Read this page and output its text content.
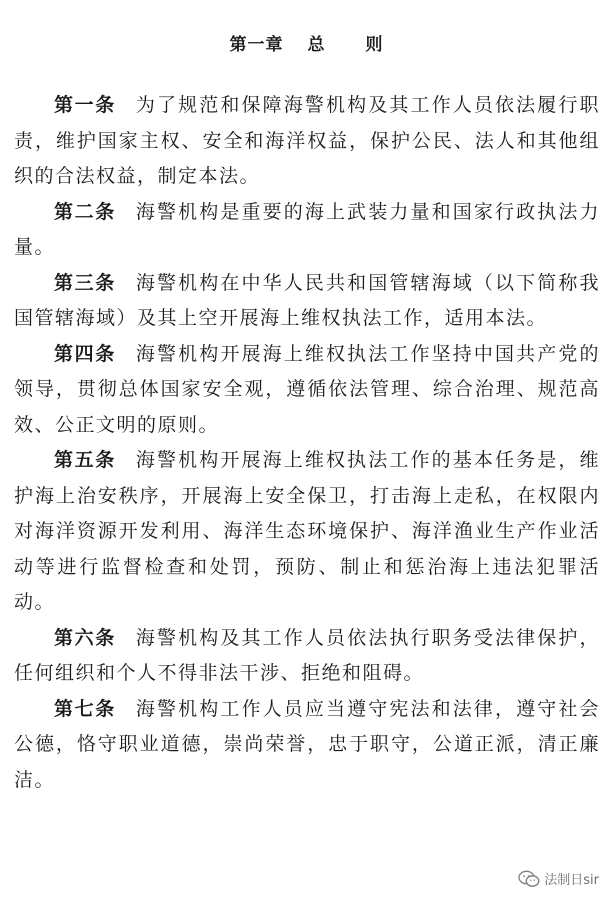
第一章 总 则

第一条 为了规范和保障海警机构及其工作人员依法履行职责，维护国家主权、安全和海洋权益，保护公民、法人和其他组织的合法权益，制定本法。

第二条 海警机构是重要的海上武装力量和国家行政执法力量。

第三条 海警机构在中华人民共和国管辖海域（以下简称我国管辖海域）及其上空开展海上维权执法工作，适用本法。

第四条 海警机构开展海上维权执法工作坚持中国共产党的领导，贯彻总体国家安全观，遵循依法管理、综合治理、规范高效、公正文明的原则。

第五条 海警机构开展海上维权执法工作的基本任务是，维护海上治安秩序，开展海上安全保卫，打击海上走私，在权限内对海洋资源开发利用、海洋生态环境保护、海洋渔业生产作业活动等进行监督检查和处罚，预防、制止和惩治海上违法犯罪活动。

第六条 海警机构及其工作人员依法执行职务受法律保护，任何组织和个人不得非法干涉、拒绝和阻碍。

第七条 海警机构工作人员应当遵守宪法和法律，遵守社会公德，恪守职业道德，崇尚荣誉，忠于职守，公道正派，清正廉洁。

法制日sir
